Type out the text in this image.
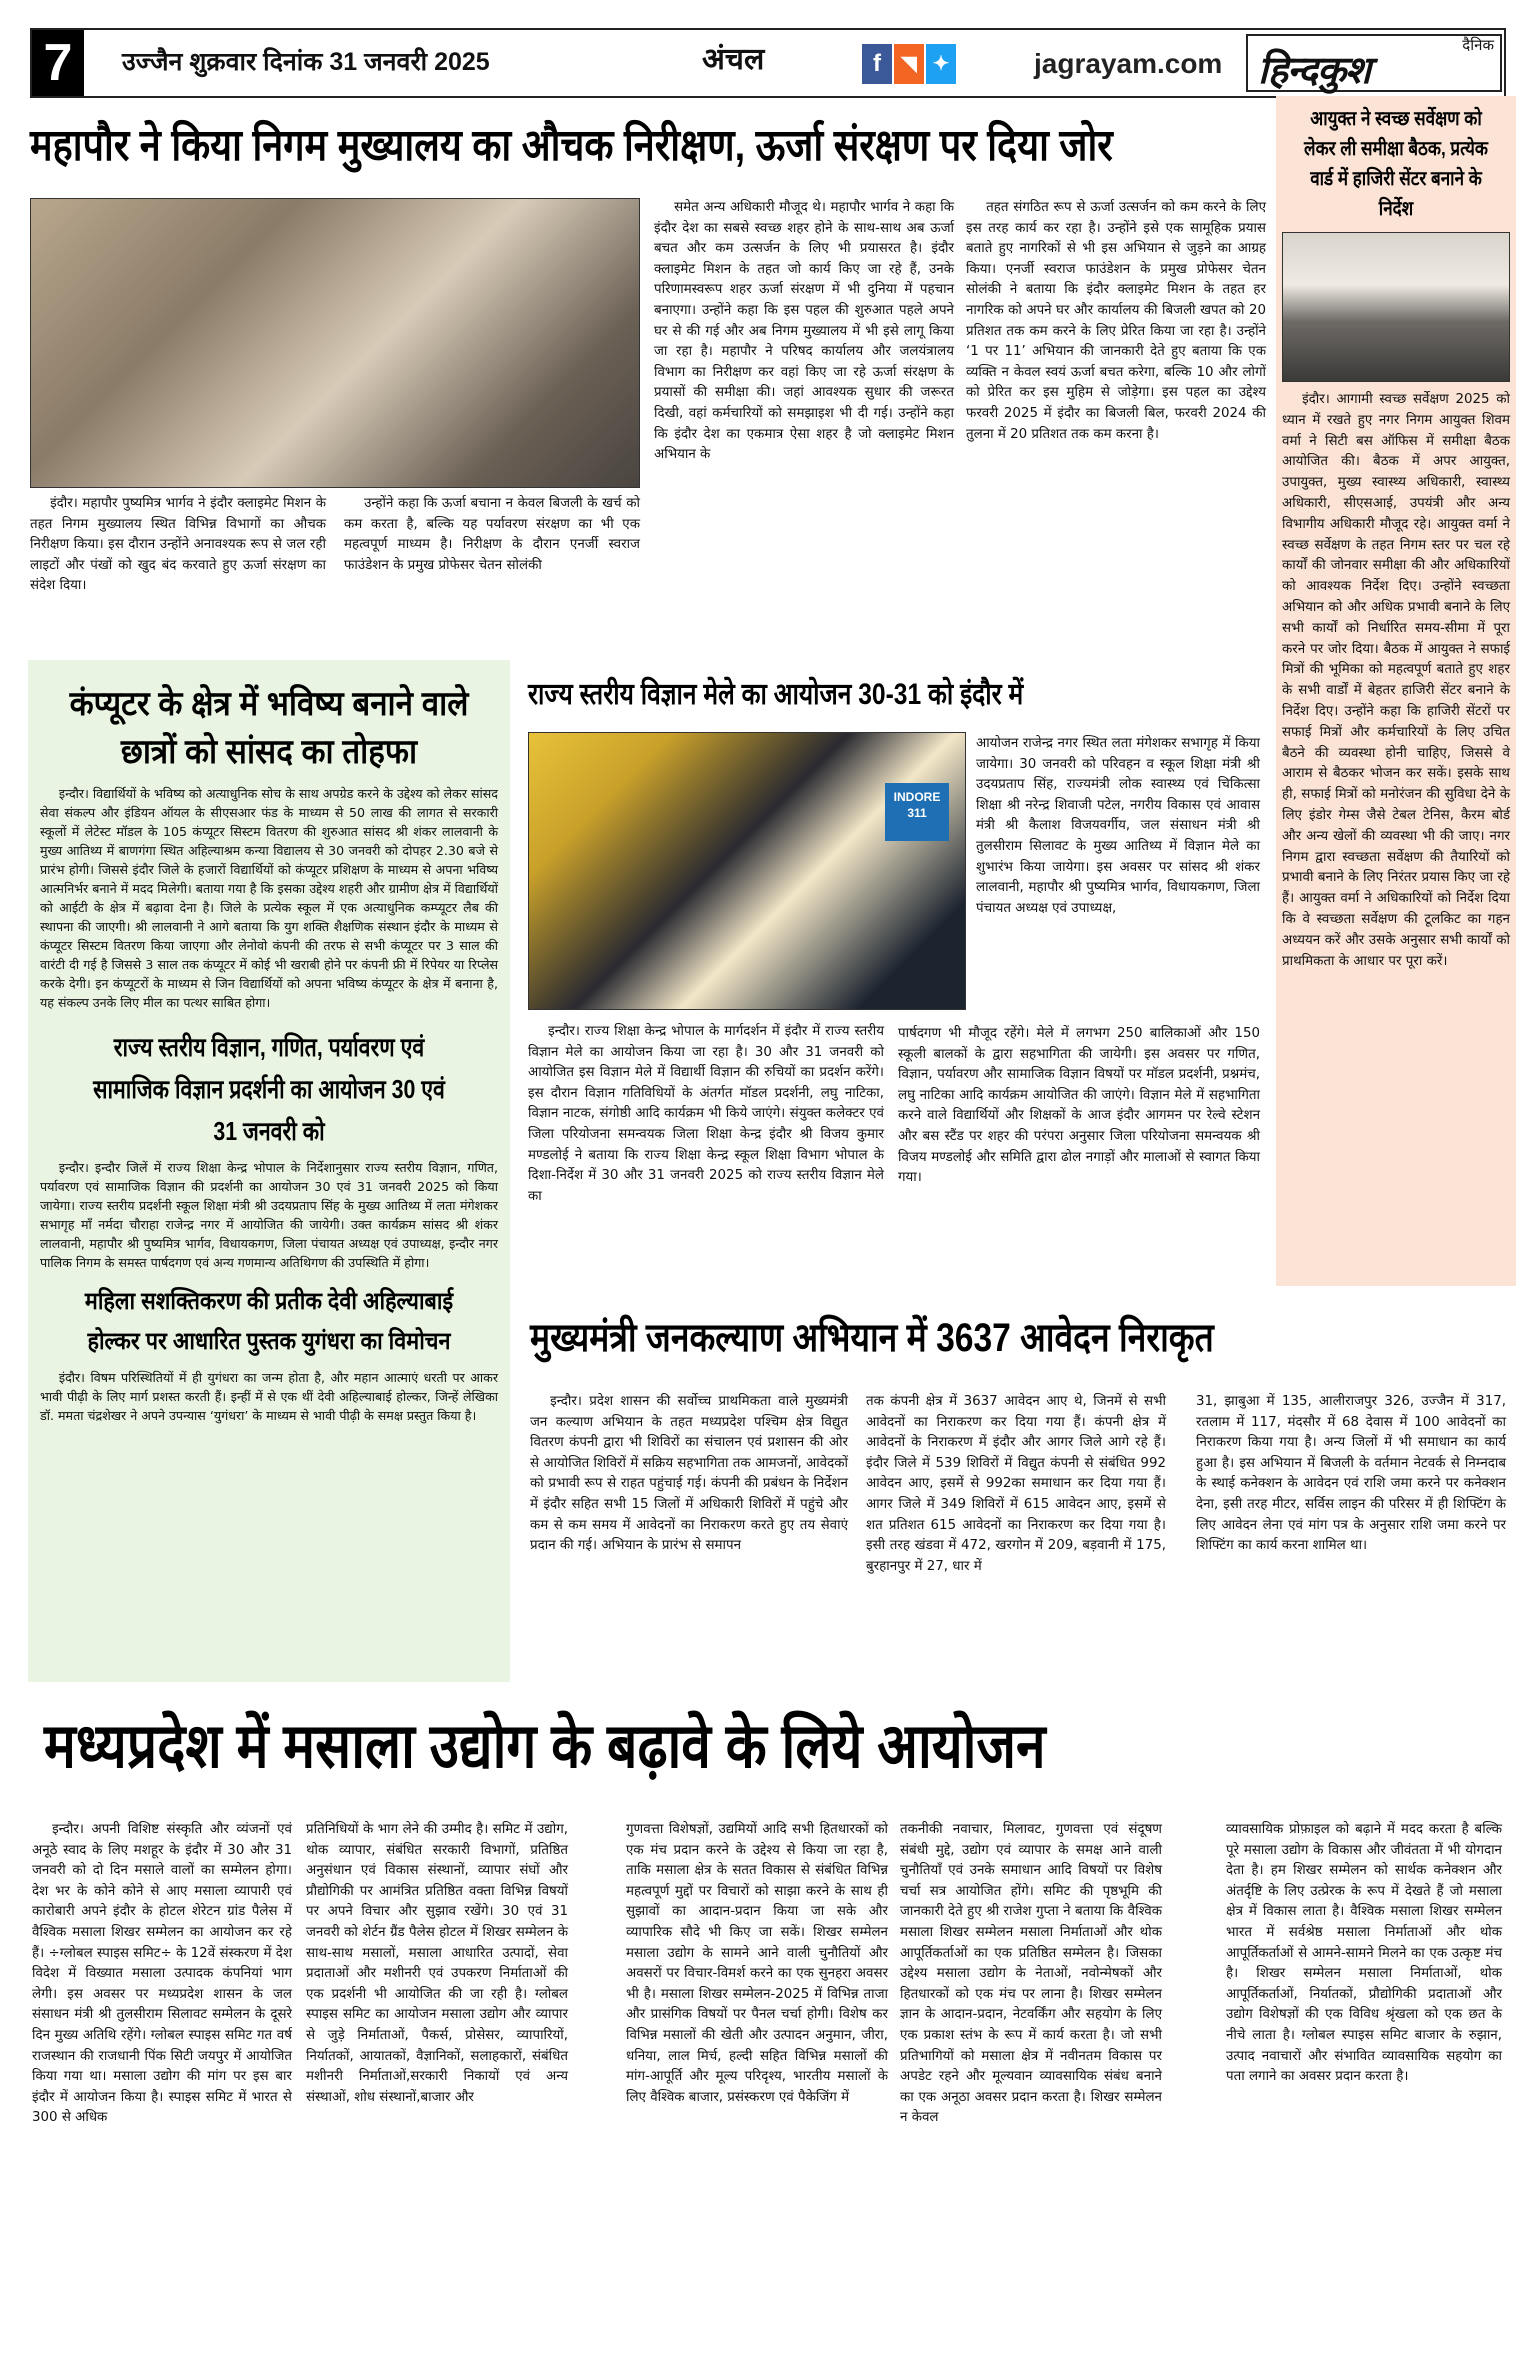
7	उज्जैन शुक्रवार दिनांक 31 जनवरी 2025	अंचल	f	◥ ✦	jagrayam.com
दैनिक
हिन्दकुश
महापौर ने किया निगम मुख्यालय का औचक निरीक्षण, ऊर्जा संरक्षण पर दिया जोर

इंदौर। महापौर पुष्यमित्र भार्गव ने इंदौर क्लाइमेट मिशन के तहत निगम मुख्यालय स्थित विभिन्न विभागों का औचक निरीक्षण किया। इस दौरान उन्होंने अनावश्यक रूप से जल रही लाइटों और पंखों को खुद बंद करवाते हुए ऊर्जा संरक्षण का संदेश दिया।

उन्होंने कहा कि ऊर्जा बचाना न केवल बिजली के खर्च को कम करता है, बल्कि यह पर्यावरण संरक्षण का भी एक महत्वपूर्ण माध्यम है। निरीक्षण के दौरान एनर्जी स्वराज फाउंडेशन के प्रमुख प्रोफेसर चेतन सोलंकी

समेत अन्य अधिकारी मौजूद थे। महापौर भार्गव ने कहा कि इंदौर देश का सबसे स्वच्छ शहर होने के साथ-साथ अब ऊर्जा बचत और कम उत्सर्जन के लिए भी प्रयासरत है। इंदौर क्लाइमेट मिशन के तहत जो कार्य किए जा रहे हैं, उनके परिणामस्वरूप शहर ऊर्जा संरक्षण में भी दुनिया में पहचान बनाएगा। उन्होंने कहा कि इस पहल की शुरुआत पहले अपने घर से की गई और अब निगम मुख्यालय में भी इसे लागू किया जा रहा है। महापौर ने परिषद कार्यालय और जलयंत्रालय विभाग का निरीक्षण कर वहां किए जा रहे ऊर्जा संरक्षण के प्रयासों की समीक्षा की। जहां आवश्यक सुधार की जरूरत दिखी, वहां कर्मचारियों को समझाइश भी दी गई। उन्होंने कहा कि इंदौर देश का एकमात्र ऐसा शहर है जो क्लाइमेट मिशन अभियान के

तहत संगठित रूप से ऊर्जा उत्सर्जन को कम करने के लिए इस तरह कार्य कर रहा है। उन्होंने इसे एक सामूहिक प्रयास बताते हुए नागरिकों से भी इस अभियान से जुड़ने का आग्रह किया। एनर्जी स्वराज फाउंडेशन के प्रमुख प्रोफेसर चेतन सोलंकी ने बताया कि इंदौर क्लाइमेट मिशन के तहत हर नागरिक को अपने घर और कार्यालय की बिजली खपत को 20 प्रतिशत तक कम करने के लिए प्रेरित किया जा रहा है। उन्होंने ‘1 पर 11’ अभियान की जानकारी देते हुए बताया कि एक व्यक्ति न केवल स्वयं ऊर्जा बचत करेगा, बल्कि 10 और लोगों को प्रेरित कर इस मुहिम से जोड़ेगा। इस पहल का उद्देश्य फरवरी 2025 में इंदौर का बिजली बिल, फरवरी 2024 की तुलना में 20 प्रतिशत तक कम करना है।

आयुक्त ने स्वच्छ सर्वेक्षण को लेकर ली समीक्षा बैठक, प्रत्येक वार्ड में हाजिरी सेंटर बनाने के निर्देश

इंदौर। आगामी स्वच्छ सर्वेक्षण 2025 को ध्यान में रखते हुए नगर निगम आयुक्त शिवम वर्मा ने सिटी बस ऑफिस में समीक्षा बैठक आयोजित की। बैठक में अपर आयुक्त, उपायुक्त, मुख्य स्वास्थ्य अधिकारी, स्वास्थ्य अधिकारी, सीएसआई, उपयंत्री और अन्य विभागीय अधिकारी मौजूद रहे। आयुक्त वर्मा ने स्वच्छ सर्वेक्षण के तहत निगम स्तर पर चल रहे कार्यों की जोनवार समीक्षा की और अधिकारियों को आवश्यक निर्देश दिए। उन्होंने स्वच्छता अभियान को और अधिक प्रभावी बनाने के लिए सभी कार्यों को निर्धारित समय-सीमा में पूरा करने पर जोर दिया। बैठक में आयुक्त ने सफाई मित्रों की भूमिका को महत्वपूर्ण बताते हुए शहर के सभी वार्डों में बेहतर हाजिरी सेंटर बनाने के निर्देश दिए। उन्होंने कहा कि हाजिरी सेंटरों पर सफाई मित्रों और कर्मचारियों के लिए उचित बैठने की व्यवस्था होनी चाहिए, जिससे वे आराम से बैठकर भोजन कर सकें। इसके साथ ही, सफाई मित्रों को मनोरंजन की सुविधा देने के लिए इंडोर गेम्स जैसे टेबल टेनिस, कैरम बोर्ड और अन्य खेलों की व्यवस्था भी की जाए। नगर निगम द्वारा स्वच्छता सर्वेक्षण की तैयारियों को प्रभावी बनाने के लिए निरंतर प्रयास किए जा रहे हैं। आयुक्त वर्मा ने अधिकारियों को निर्देश दिया कि वे स्वच्छता सर्वेक्षण की टूलकिट का गहन अध्ययन करें और उसके अनुसार सभी कार्यों को प्राथमिकता के आधार पर पूरा करें।

कंप्यूटर के क्षेत्र में भविष्य बनाने वाले छात्रों को सांसद का तोहफा

इन्दौर। विद्यार्थियों के भविष्य को अत्याधुनिक सोच के साथ अपग्रेड करने के उद्देश्य को लेकर सांसद सेवा संकल्प और इंडियन ऑयल के सीएसआर फंड के माध्यम से 50 लाख की लागत से सरकारी स्कूलों में लेटेस्ट मॉडल के 105 कंप्यूटर सिस्टम वितरण की शुरुआत सांसद श्री शंकर लालवानी के मुख्य आतिथ्य में बाणगंगा स्थित अहिल्याश्रम कन्या विद्यालय से 30 जनवरी को दोपहर 2.30 बजे से प्रारंभ होगी। जिससे इंदौर जिले के हजारों विद्यार्थियों को कंप्यूटर प्रशिक्षण के माध्यम से अपना भविष्य आत्मनिर्भर बनाने में मदद मिलेगी। बताया गया है कि इसका उद्देश्य शहरी और ग्रामीण क्षेत्र में विद्यार्थियों को आईटी के क्षेत्र में बढ़ावा देना है। जिले के प्रत्येक स्कूल में एक अत्याधुनिक कम्प्यूटर लैब की स्थापना की जाएगी। श्री लालवानी ने आगे बताया कि युग शक्ति शैक्षणिक संस्थान इंदौर के माध्यम से कंप्यूटर सिस्टम वितरण किया जाएगा और लेनोवो कंपनी की तरफ से सभी कंप्यूटर पर 3 साल की वारंटी दी गई है जिससे 3 साल तक कंप्यूटर में कोई भी खराबी होने पर कंपनी फ्री में रिपेयर या रिप्लेस करके देगी। इन कंप्यूटरों के माध्यम से जिन विद्यार्थियों को अपना भविष्य कंप्यूटर के क्षेत्र में बनाना है, यह संकल्प उनके लिए मील का पत्थर साबित होगा।

राज्य स्तरीय विज्ञान, गणित, पर्यावरण एवं सामाजिक विज्ञान प्रदर्शनी का आयोजन 30 एवं 31 जनवरी को

इन्दौर। इन्दौर जिलें में राज्य शिक्षा केन्द्र भोपाल के निर्देशानुसार राज्य स्तरीय विज्ञान, गणित, पर्यावरण एवं सामाजिक विज्ञान की प्रदर्शनी का आयोजन 30 एवं 31 जनवरी 2025 को किया जायेगा। राज्य स्तरीय प्रदर्शनी स्कूल शिक्षा मंत्री श्री उदयप्रताप सिंह के मुख्य आतिथ्य में लता मंगेशकर सभागृह माँ नर्मदा चौराहा राजेन्द्र नगर में आयोजित की जायेगी। उक्त कार्यक्रम सांसद श्री शंकर लालवानी, महापौर श्री पुष्यमित्र भार्गव, विधायकगण, जिला पंचायत अध्यक्ष एवं उपाध्यक्ष, इन्दौर नगर पालिक निगम के समस्त पार्षदगण एवं अन्य गणमान्य अतिथिगण की उपस्थिति में होगा।

महिला सशक्तिकरण की प्रतीक देवी अहिल्याबाई होल्कर पर आधारित पुस्तक युगंधरा का विमोचन

इंदौर। विषम परिस्थितियों में ही युगंधरा का जन्म होता है, और महान आत्माएं धरती पर आकर भावी पीढ़ी के लिए मार्ग प्रशस्त करती हैं। इन्हीं में से एक थीं देवी अहिल्याबाई होल्कर, जिन्हें लेखिका डॉ. ममता चंद्रशेखर ने अपने उपन्यास ‘युगंधरा’ के माध्यम से भावी पीढ़ी के समक्ष प्रस्तुत किया है।

राज्य स्तरीय विज्ञान मेले का आयोजन 30-31 को इंदौर में
INDORE 311

आयोजन राजेन्द्र नगर स्थित लता मंगेशकर सभागृह में किया जायेगा। 30 जनवरी को परिवहन व स्कूल शिक्षा मंत्री श्री उदयप्रताप सिंह, राज्यमंत्री लोक स्वास्थ्य एवं चिकित्सा शिक्षा श्री नरेन्द्र शिवाजी पटेल, नगरीय विकास एवं आवास मंत्री श्री कैलाश विजयवर्गीय, जल संसाधन मंत्री श्री तुलसीराम सिलावट के मुख्य आतिथ्य में विज्ञान मेले का शुभारंभ किया जायेगा। इस अवसर पर सांसद श्री शंकर लालवानी, महापौर श्री पुष्यमित्र भार्गव, विधायकगण, जिला पंचायत अध्यक्ष एवं उपाध्यक्ष,

इन्दौर। राज्य शिक्षा केन्द्र भोपाल के मार्गदर्शन में इंदौर में राज्य स्तरीय विज्ञान मेले का आयोजन किया जा रहा है। 30 और 31 जनवरी को आयोजित इस विज्ञान मेले में विद्यार्थी विज्ञान की रुचियों का प्रदर्शन करेंगे। इस दौरान विज्ञान गतिविधियों के अंतर्गत मॉडल प्रदर्शनी, लघु नाटिका, विज्ञान नाटक, संगोष्ठी आदि कार्यक्रम भी किये जाएंगे। संयुक्त कलेक्टर एवं जिला परियोजना समन्वयक जिला शिक्षा केन्द्र इंदौर श्री विजय कुमार मण्डलोई ने बताया कि राज्य शिक्षा केन्द्र स्कूल शिक्षा विभाग भोपाल के दिशा-निर्देश में 30 और 31 जनवरी 2025 को राज्य स्तरीय विज्ञान मेले का

पार्षदगण भी मौजूद रहेंगे। मेले में लगभग 250 बालिकाओं और 150 स्कूली बालकों के द्वारा सहभागिता की जायेगी। इस अवसर पर गणित, विज्ञान, पर्यावरण और सामाजिक विज्ञान विषयों पर मॉडल प्रदर्शनी, प्रश्नमंच, लघु नाटिका आदि कार्यक्रम आयोजित की जाएंगे। विज्ञान मेले में सहभागिता करने वाले विद्यार्थियों और शिक्षकों के आज इंदौर आगमन पर रेल्वे स्टेशन और बस स्टैंड पर शहर की परंपरा अनुसार जिला परियोजना समन्वयक श्री विजय मण्डलोई और समिति द्वारा ढोल नगाड़ों और मालाओं से स्वागत किया गया।

मुख्यमंत्री जनकल्याण अभियान में 3637 आवेदन निराकृत

इन्दौर। प्रदेश शासन की सर्वोच्च प्राथमिकता वाले मुख्यमंत्री जन कल्याण अभियान के तहत मध्यप्रदेश पश्चिम क्षेत्र विद्युत वितरण कंपनी द्वारा भी शिविरों का संचालन एवं प्रशासन की ओर से आयोजित शिविरों में सक्रिय सहभागिता तक आमजनों, आवेदकों को प्रभावी रूप से राहत पहुंचाई गई। कंपनी की प्रबंधन के निर्देशन में इंदौर सहित सभी 15 जिलों में अधिकारी शिविरों में पहुंचे और कम से कम समय में आवेदनों का निराकरण करते हुए तय सेवाएं प्रदान की गई। अभियान के प्रारंभ से समापन

तक कंपनी क्षेत्र में 3637 आवेदन आए थे, जिनमें से सभी आवेदनों का निराकरण कर दिया गया हैं। कंपनी क्षेत्र में आवेदनों के निराकरण में इंदौर और आगर जिले आगे रहे हैं। इंदौर जिले में 539 शिविरों में विद्युत कंपनी से संबंधित 992 आवेदन आए, इसमें से 992का समाधान कर दिया गया हैं। आगर जिले में 349 शिविरों में 615 आवेदन आए, इसमें से शत प्रतिशत 615 आवेदनों का निराकरण कर दिया गया है। इसी तरह खंडवा में 472, खरगोन में 209, बड़वानी में 175, बुरहानपुर में 27, धार में

31, झाबुआ में 135, आलीराजपुर 326, उज्जैन में 317, रतलाम में 117, मंदसौर में 68 देवास में 100 आवेदनों का निराकरण किया गया है। अन्य जिलों में भी समाधान का कार्य हुआ है। इस अभियान में बिजली के वर्तमान नेटवर्क से निम्नदाब के स्थाई कनेक्शन के आवेदन एवं राशि जमा करने पर कनेक्शन देना, इसी तरह मीटर, सर्विस लाइन की परिसर में ही शिफ्टिंग के लिए आवेदन लेना एवं मांग पत्र के अनुसार राशि जमा करने पर शिफ्टिंग का कार्य करना शामिल था।

मध्यप्रदेश में मसाला उद्योग के बढ़ावे के लिये आयोजन

इन्दौर। अपनी विशिष्ट संस्कृति और व्यंजनों एवं अनूठे स्वाद के लिए मशहूर के इंदौर में 30 और 31 जनवरी को दो दिन मसाले वालों का सम्मेलन होगा। देश भर के कोने कोने से आए मसाला व्यापारी एवं कारोबारी अपने इंदौर के होटल शेरेटन ग्रांड पैलेस में वैश्विक मसाला शिखर सम्मेलन का आयोजन कर रहे हैं। ÷ग्लोबल स्पाइस समिट÷ के 12वें संस्करण में देश विदेश में विख्यात मसाला उत्पादक कंपनियां भाग लेगी। इस अवसर पर मध्यप्रदेश शासन के जल संसाधन मंत्री श्री तुलसीराम सिलावट सम्मेलन के दूसरे दिन मुख्य अतिथि रहेंगे। ग्लोबल स्पाइस समिट गत वर्ष राजस्थान की राजधानी पिंक सिटी जयपुर में आयोजित किया गया था। मसाला उद्योग की मांग पर इस बार इंदौर में आयोजन किया है। स्पाइस समिट में भारत से 300 से अधिक

प्रतिनिधियों के भाग लेने की उम्मीद है। समिट में उद्योग, थोक व्यापार, संबंधित सरकारी विभागों, प्रतिष्ठित अनुसंधान एवं विकास संस्थानों, व्यापार संघों और प्रौद्योगिकी पर आमंत्रित प्रतिष्ठित वक्ता विभिन्न विषयों पर अपने विचार और सुझाव रखेंगे। 30 एवं 31 जनवरी को शेर्टन ग्रैंड पैलेस होटल में शिखर सम्मेलन के साथ-साथ मसालों, मसाला आधारित उत्पादों, सेवा प्रदाताओं और मशीनरी एवं उपकरण निर्माताओं की एक प्रदर्शनी भी आयोजित की जा रही है। ग्लोबल स्पाइस समिट का आयोजन मसाला उद्योग और व्यापार से जुड़े निर्माताओं, पैकर्स, प्रोसेसर, व्यापारियों, निर्यातकों, आयातकों, वैज्ञानिकों, सलाहकारों, संबंधित मशीनरी निर्माताओं,सरकारी निकायों एवं अन्य संस्थाओं, शोध संस्थानों,बाजार और

गुणवत्ता विशेषज्ञों, उद्यमियों आदि सभी हितधारकों को एक मंच प्रदान करने के उद्देश्य से किया जा रहा है, ताकि मसाला क्षेत्र के सतत विकास से संबंधित विभिन्न महत्वपूर्ण मुद्दों पर विचारों को साझा करने के साथ ही सुझावों का आदान-प्रदान किया जा सके और व्यापारिक सौदे भी किए जा सकें। शिखर सम्मेलन मसाला उद्योग के सामने आने वाली चुनौतियों और अवसरों पर विचार-विमर्श करने का एक सुनहरा अवसर भी है। मसाला शिखर सम्मेलन-2025 में विभिन्न ताजा और प्रासंगिक विषयों पर पैनल चर्चा होगी। विशेष कर विभिन्न मसालों की खेती और उत्पादन अनुमान, जीरा, धनिया, लाल मिर्च, हल्दी सहित विभिन्न मसालों की मांग-आपूर्ति और मूल्य परिदृश्य, भारतीय मसालों के लिए वैश्विक बाजार, प्रसंस्करण एवं पैकेजिंग में

तकनीकी नवाचार, मिलावट, गुणवत्ता एवं संदूषण संबंधी मुद्दे, उद्योग एवं व्यापार के समक्ष आने वाली चुनौतियाँ एवं उनके समाधान आदि विषयों पर विशेष चर्चा सत्र आयोजित होंगे। समिट की पृष्ठभूमि की जानकारी देते हुए श्री राजेश गुप्ता ने बताया कि वैश्विक मसाला शिखर सम्मेलन मसाला निर्माताओं और थोक आपूर्तिकर्ताओं का एक प्रतिष्ठित सम्मेलन है। जिसका उद्देश्य मसाला उद्योग के नेताओं, नवोन्मेषकों और हितधारकों को एक मंच पर लाना है। शिखर सम्मेलन ज्ञान के आदान-प्रदान, नेटवर्किंग और सहयोग के लिए एक प्रकाश स्तंभ के रूप में कार्य करता है। जो सभी प्रतिभागियों को मसाला क्षेत्र में नवीनतम विकास पर अपडेट रहने और मूल्यवान व्यावसायिक संबंध बनाने का एक अनूठा अवसर प्रदान करता है। शिखर सम्मेलन न केवल

व्यावसायिक प्रोफ़ाइल को बढ़ाने में मदद करता है बल्कि पूरे मसाला उद्योग के विकास और जीवंतता में भी योगदान देता है। हम शिखर सम्मेलन को सार्थक कनेक्शन और अंतर्दृष्टि के लिए उत्प्रेरक के रूप में देखते हैं जो मसाला क्षेत्र में विकास लाता है। वैश्विक मसाला शिखर सम्मेलन भारत में सर्वश्रेष्ठ मसाला निर्माताओं और थोक आपूर्तिकर्ताओं से आमने-सामने मिलने का एक उत्कृष्ट मंच है। शिखर सम्मेलन मसाला निर्माताओं, थोक आपूर्तिकर्ताओं, निर्यातकों, प्रौद्योगिकी प्रदाताओं और उद्योग विशेषज्ञों की एक विविध श्रृंखला को एक छत के नीचे लाता है। ग्लोबल स्पाइस समिट बाजार के रुझान, उत्पाद नवाचारों और संभावित व्यावसायिक सहयोग का पता लगाने का अवसर प्रदान करता है।
